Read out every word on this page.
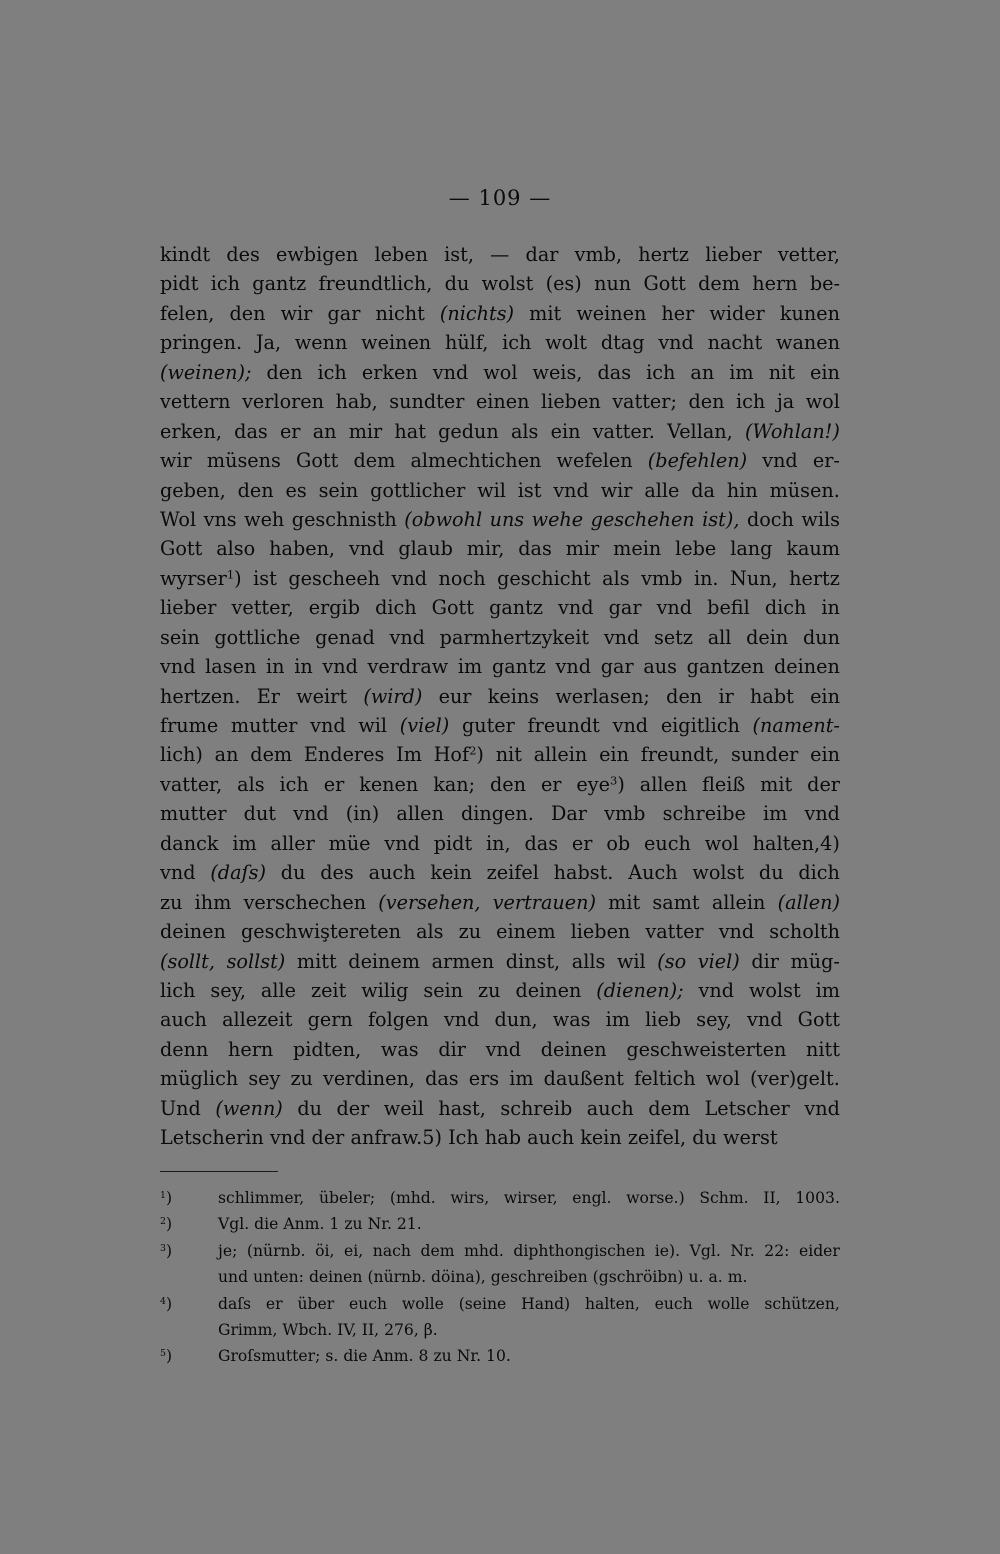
— 109 —
kindt des ewbigen leben ist, — dar vmb, hertz lieber vetter,
pidt ich gantz freundtlich, du wolst (es) nun Gott dem hern be-
felen, den wir gar nicht (nichts) mit weinen her wider kunen
pringen. Ja, wenn weinen hülf, ich wolt dtag vnd nacht wanen
(weinen); den ich erken vnd wol weis, das ich an im nit ein
vettern verloren hab, sundter einen lieben vatter; den ich ja wol
erken, das er an mir hat gedun als ein vatter. Vellan, (Wohlan!)
wir müsens Gott dem almechtichen wefelen (befehlen) vnd er-
geben, den es sein gottlicher wil ist vnd wir alle da hin müsen.
Wol vns weh geschnisth (obwohl uns wehe geschehen ist), doch wils
Gott also haben, vnd glaub mir, das mir mein lebe lang kaum
wyrser$^1$) ist gescheeh vnd noch geschicht als vmb in. Nun, hertz
lieber vetter, ergib dich Gott gantz vnd gar vnd befil dich in
sein gottliche genad vnd parmhertzykeit vnd setz all dein dun
vnd lasen in in vnd verdraw im gantz vnd gar aus gantzen deinen
hertzen. Er weirt (wird) eur keins werlasen; den ir habt ein
frume mutter vnd wil (viel) guter freundt vnd eigitlich (nament-
lich) an dem Enderes Im Hof$^2$) nit allein ein freundt, sunder ein
vatter, als ich er kenen kan; den er eye$^3$) allen fleiß mit der
mutter dut vnd (in) allen dingen. Dar vmb schreibe im vnd
danck im aller müe vnd pidt in, das er ob euch wol halten,4)
vnd (daſs) du des auch kein zeifel habst. Auch wolst du dich
zu ihm verschechen (versehen, vertrauen) mit samt allein (allen)
deinen geschwiştereten als zu einem lieben vatter vnd scholth
(sollt, sollst) mitt deinem armen dinst, alls wil (so viel) dir müg-
lich sey, alle zeit wilig sein zu deinen (dienen); vnd wolst im
auch allezeit gern folgen vnd dun, was im lieb sey, vnd Gott
denn hern pidten, was dir vnd deinen geschweisterten nitt
müglich sey zu verdinen, das ers im daußent feltich wol (ver)gelt.
Und (wenn) du der weil hast, schreib auch dem Letscher vnd
Letscherin vnd der anfraw.5) Ich hab auch kein zeifel, du werst
$^1$)	schlimmer, übeler; (mhd. wirs, wirser, engl. worse.) Schm. II, 1003.
$^2$)	Vgl. die Anm. 1 zu Nr. 21.
$^3$)	je; (nürnb. öi, ei, nach dem mhd. diphthongischen ie). Vgl. Nr. 22: eider
und unten: deinen (nürnb. döina), geschreiben (gschröibn) u. a. m.
$^4$)	daſs er über euch wolle (seine Hand) halten, euch wolle schützen,
Grimm, Wbch. IV, II, 276, β.
$^5$)	Groſsmutter; s. die Anm. 8 zu Nr. 10.
